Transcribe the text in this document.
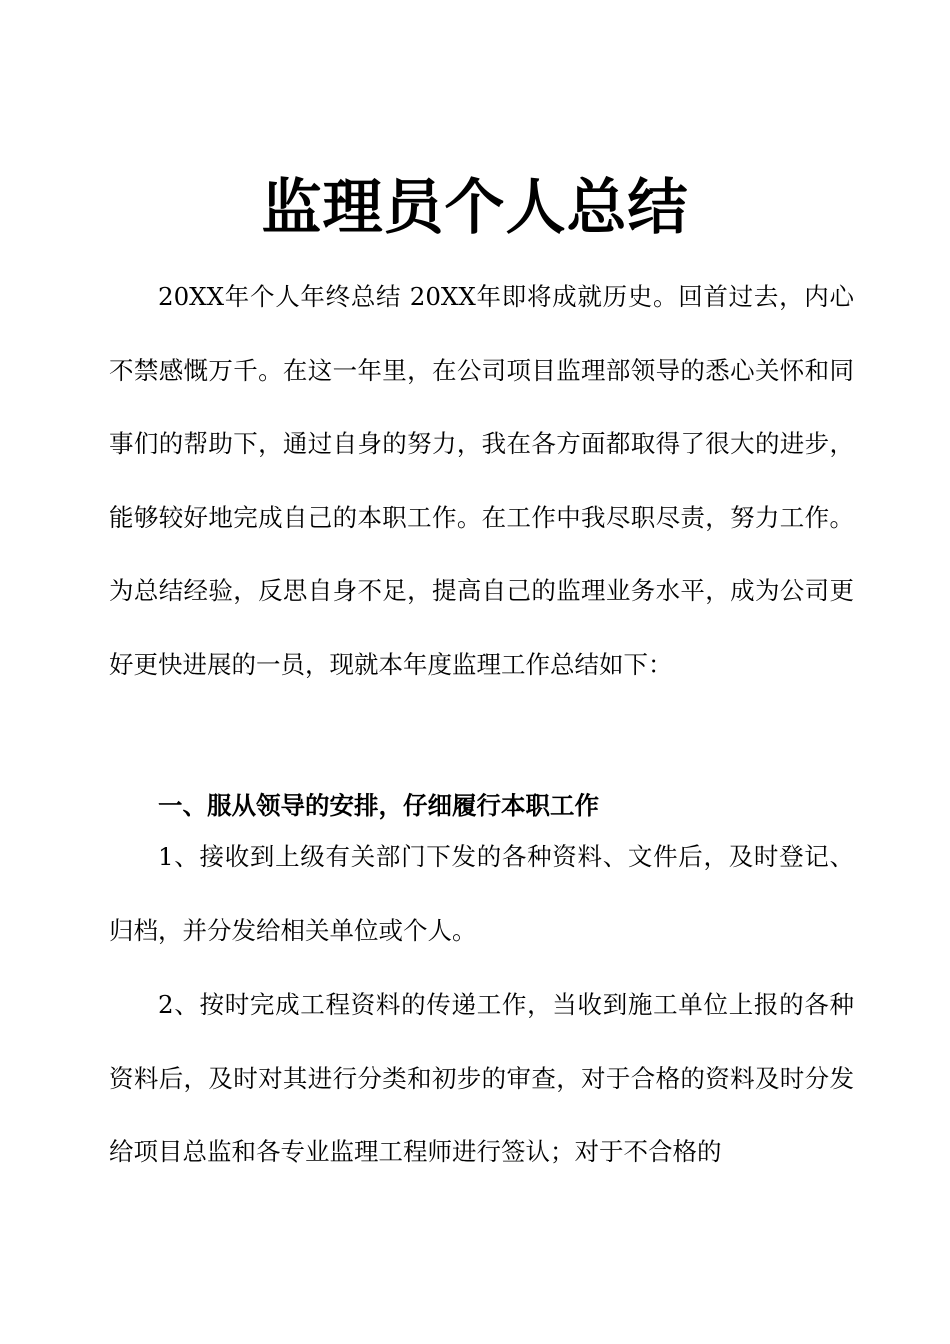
监理员个人总结

20XX年个人年终总结 20XX年即将成就历史。回首过去，内心不禁感慨万千。在这一年里，在公司项目监理部领导的悉心关怀和同事们的帮助下，通过自身的努力，我在各方面都取得了很大的进步，能够较好地完成自己的本职工作。在工作中我尽职尽责，努力工作。为总结经验，反思自身不足，提高自己的监理业务水平，成为公司更好更快进展的一员，现就本年度监理工作总结如下：

一、服从领导的安排，仔细履行本职工作

1、接收到上级有关部门下发的各种资料、文件后，及时登记、归档，并分发给相关单位或个人。

2、按时完成工程资料的传递工作，当收到施工单位上报的各种资料后，及时对其进行分类和初步的审查，对于合格的资料及时分发给项目总监和各专业监理工程师进行签认；对于不合格的
